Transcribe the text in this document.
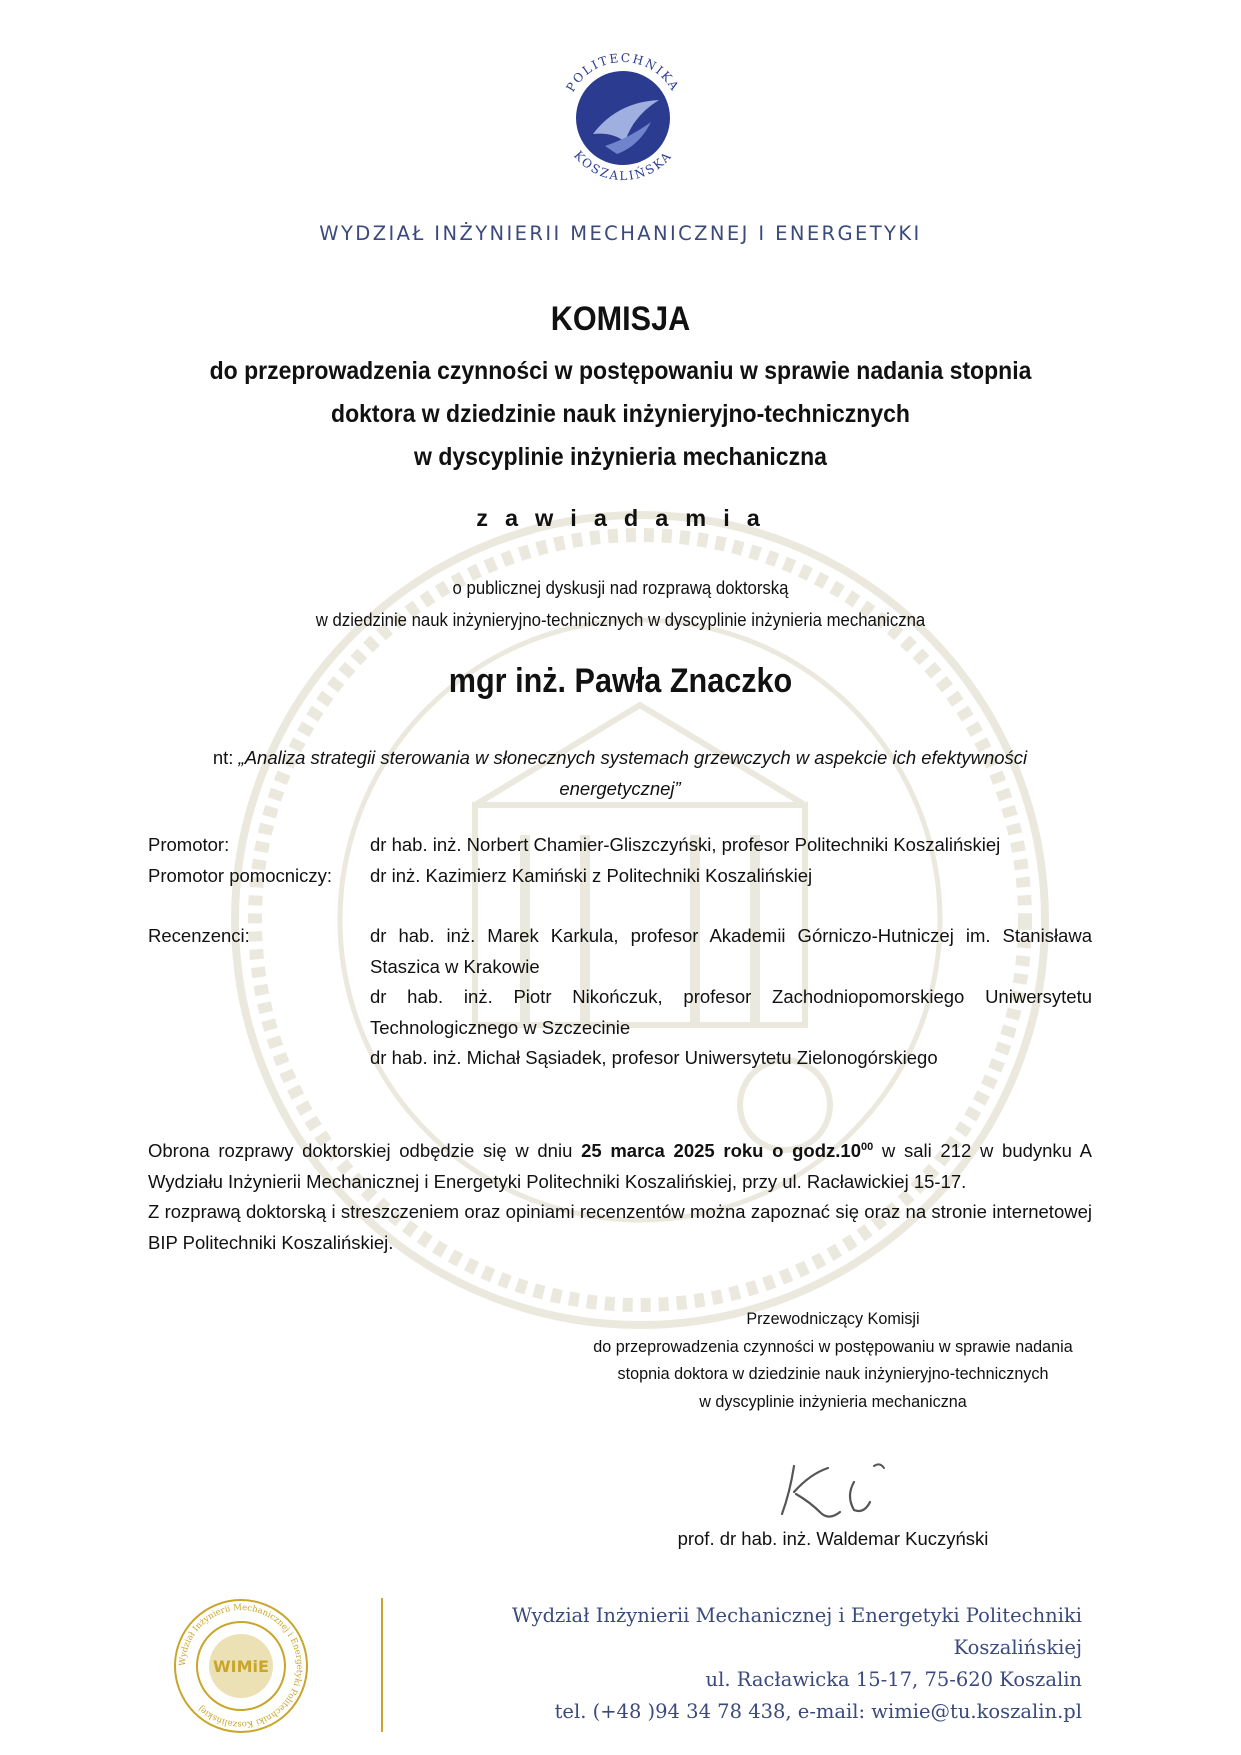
POLITECHNIKA
KOSZALIŃSKA
WYDZIAŁ INŻYNIERII MECHANICZNEJ I ENERGETYKI
KOMISJA
do przeprowadzenia czynności w postępowaniu w sprawie nadania stopnia
doktora w dziedzinie nauk inżynieryjno-technicznych
w dyscyplinie inżynieria mechaniczna
zawiadamia
o publicznej dyskusji nad rozprawą doktorską
w dziedzinie nauk inżynieryjno-technicznych w dyscyplinie inżynieria mechaniczna
mgr inż. Pawła Znaczko
nt: „Analiza strategii sterowania w słonecznych systemach grzewczych w aspekcie ich efektywności energetycznej”
Promotor:	dr hab. inż. Norbert Chamier-Gliszczyński, profesor Politechniki Koszalińskiej
Promotor pomocniczy: dr inż. Kazimierz Kamiński z Politechniki Koszalińskiej
Recenzenci:	dr hab. inż. Marek Karkula, profesor Akademii Górniczo-Hutniczej im. Stanisława Staszica w Krakowie
dr hab. inż. Piotr Nikończuk, profesor Zachodniopomorskiego Uniwersytetu Technologicznego w Szczecinie
dr hab. inż. Michał Sąsiadek, profesor Uniwersytetu Zielonogórskiego
Obrona rozprawy doktorskiej odbędzie się w dniu 25 marca 2025 roku o $godz.10^{00}$ w sali 212 w budynku A Wydziału Inżynierii Mechanicznej i Energetyki Politechniki Koszalińskiej, przy ul. Racławickiej 15-17.
Z rozprawą doktorską i streszczeniem oraz opiniami recenzentów można zapoznać się oraz na stronie internetowej BIP Politechniki Koszalińskiej.
Przewodniczący Komisji
do przeprowadzenia czynności w postępowaniu w sprawie nadania
stopnia doktora w dziedzinie nauk inżynieryjno-technicznych
w dyscyplinie inżynieria mechaniczna
prof. dr hab. inż. Waldemar Kuczyński
Wydział Inżynierii Mechanicznej i Energetyki Politechniki Koszalińskiej
WIMiE
Wydział Inżynierii Mechanicznej i Energetyki Politechniki Koszalińskiej
ul. Racławicka 15-17, 75-620 Koszalin
tel. (+48 )94 34 78 438, e-mail: wimie@tu.koszalin.pl
